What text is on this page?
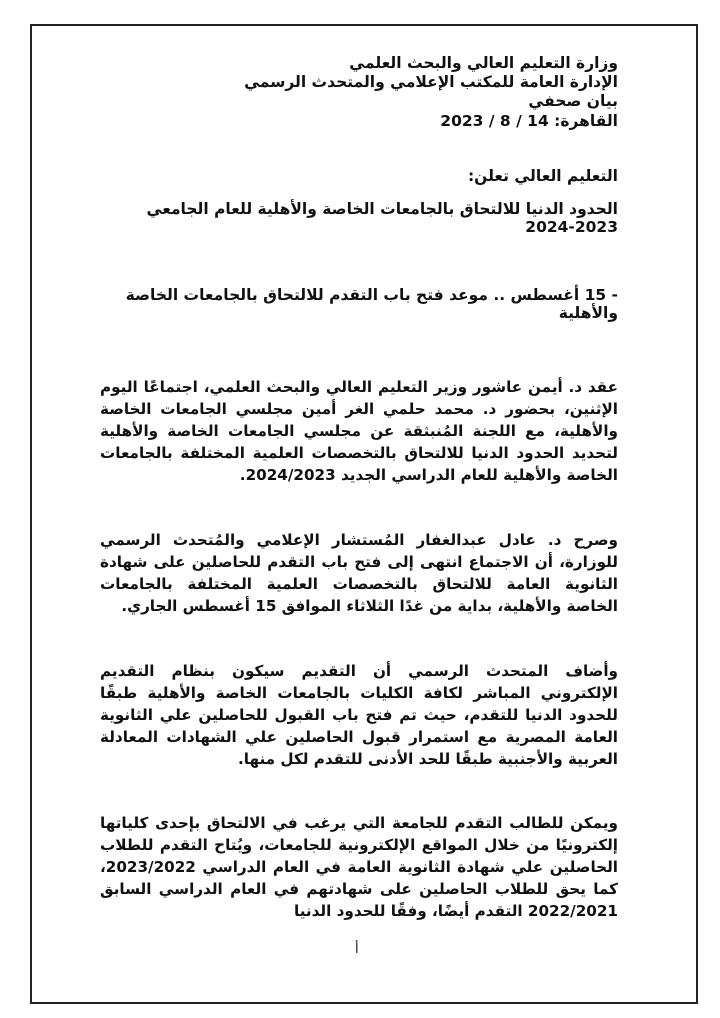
وزارة التعليم العالي والبحث العلمي

الإدارة العامة للمكتب الإعلامي والمتحدث الرسمي

بيان صحفي

القاهرة: 14 / 8 / 2023

التعليم العالي تعلن:
الحدود الدنيا للالتحاق بالجامعات الخاصة والأهلية للعام الجامعي 2023-2024
- 15 أغسطس .. موعد فتح باب التقدم للالتحاق بالجامعات الخاصة والأهلية

عقد د. أيمن عاشور وزير التعليم العالي والبحث العلمي، اجتماعًا اليوم الإثنين، بحضور د. محمد حلمي الغر أمين مجلسي الجامعات الخاصة والأهلية، مع اللجنة المُنبثقة عن مجلسي الجامعات الخاصة والأهلية لتحديد الحدود الدنيا للالتحاق بالتخصصات العلمية المختلفة بالجامعات الخاصة والأهلية للعام الدراسي الجديد 2024/2023.

وصرح د. عادل عبدالغفار المُستشار الإعلامي والمُتحدث الرسمي للوزارة، أن الاجتماع انتهى إلى فتح باب التقدم للحاصلين على شهادة الثانوية العامة للالتحاق بالتخصصات العلمية المختلفة بالجامعات الخاصة والأهلية، بداية من غدًا الثلاثاء الموافق 15 أغسطس الجاري.

وأضاف المتحدث الرسمي أن التقديم سيكون بنظام التقديم الإلكتروني المباشر لكافة الكليات بالجامعات الخاصة والأهلية طبقًا للحدود الدنيا للتقدم، حيث تم فتح باب القبول للحاصلين علي الثانوية العامة المصرية مع استمرار قبول الحاصلين علي الشهادات المعادلة العربية والأجنبية طبقًا للحد الأدنى للتقدم لكل منها.

ويمكن للطالب التقدم للجامعة التي يرغب في الالتحاق بإحدى كلياتها إلكترونيًا من خلال المواقع الإلكترونية للجامعات، ويُتاح التقدم للطلاب الحاصلين علي شهادة الثانوية العامة في العام الدراسي 2023/2022، كما يحق للطلاب الحاصلين على شهادتهم في العام الدراسي السابق 2022/2021 التقدم أيضًا، وفقًا للحدود الدنيا

أ
